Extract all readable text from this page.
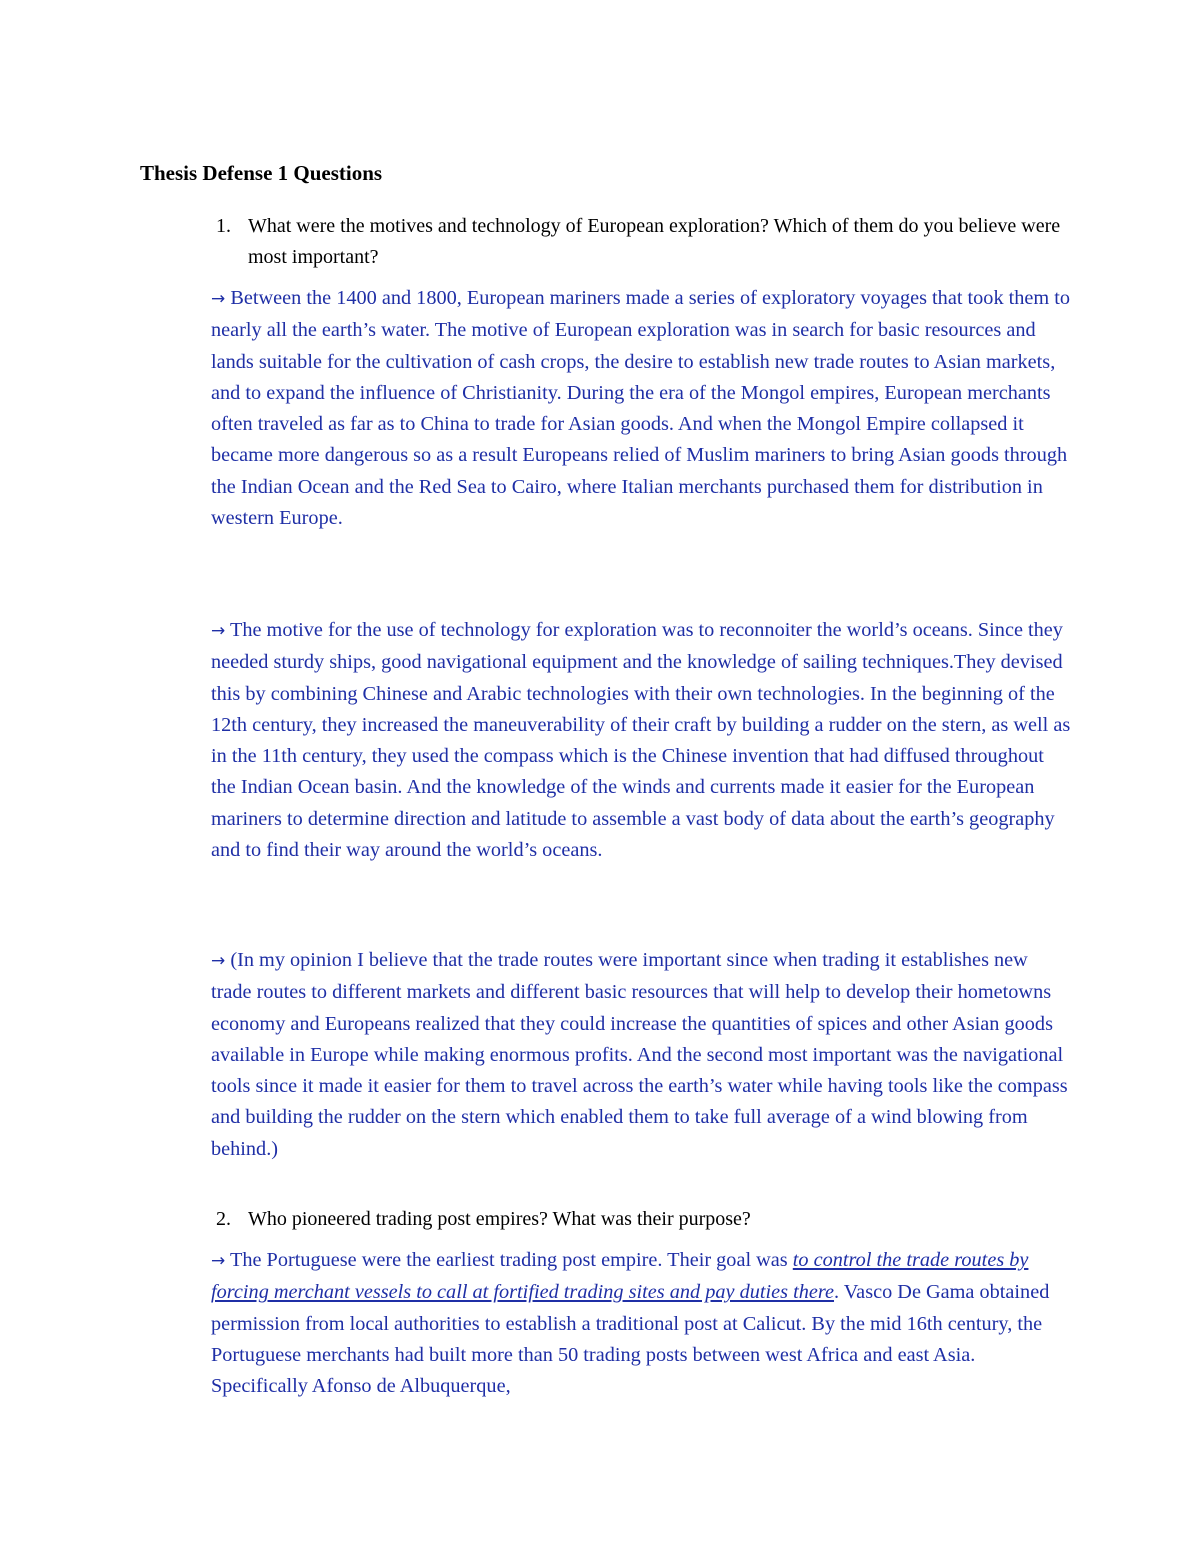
Thesis Defense 1 Questions
1. What were the motives and technology of European exploration? Which of them do you believe were most important?

→ Between the 1400 and 1800, European mariners made a series of exploratory voyages that took them to nearly all the earth’s water. The motive of European exploration was in search for basic resources and lands suitable for the cultivation of cash crops, the desire to establish new trade routes to Asian markets, and to expand the influence of Christianity. During the era of the Mongol empires, European merchants often traveled as far as to China to trade for Asian goods. And when the Mongol Empire collapsed it became more dangerous so as a result Europeans relied of Muslim mariners to bring Asian goods through the Indian Ocean and the Red Sea to Cairo, where Italian merchants purchased them for distribution in western Europe.

→ The motive for the use of technology for exploration was to reconnoiter the world’s oceans. Since they needed sturdy ships, good navigational equipment and the knowledge of sailing techniques.They devised this by combining Chinese and Arabic technologies with their own technologies. In the beginning of the 12th century, they increased the maneuverability of their craft by building a rudder on the stern, as well as in the 11th century, they used the compass which is the Chinese invention that had diffused throughout the Indian Ocean basin. And the knowledge of the winds and currents made it easier for the European mariners to determine direction and latitude to assemble a vast body of data about the earth’s geography and to find their way around the world’s oceans.

→ (In my opinion I believe that the trade routes were important since when trading it establishes new trade routes to different markets and different basic resources that will help to develop their hometowns economy and Europeans realized that they could increase the quantities of spices and other Asian goods available in Europe while making enormous profits. And the second most important was the navigational tools since it made it easier for them to travel across the earth’s water while having tools like the compass and building the rudder on the stern which enabled them to take full average of a wind blowing from behind.)

2. Who pioneered trading post empires? What was their purpose?

→ The Portuguese were the earliest trading post empire. Their goal was to control the trade routes by forcing merchant vessels to call at fortified trading sites and pay duties there. Vasco De Gama obtained permission from local authorities to establish a traditional post at Calicut. By the mid 16th century, the Portuguese merchants had built more than 50 trading posts between west Africa and east Asia. Specifically Afonso de Albuquerque,
